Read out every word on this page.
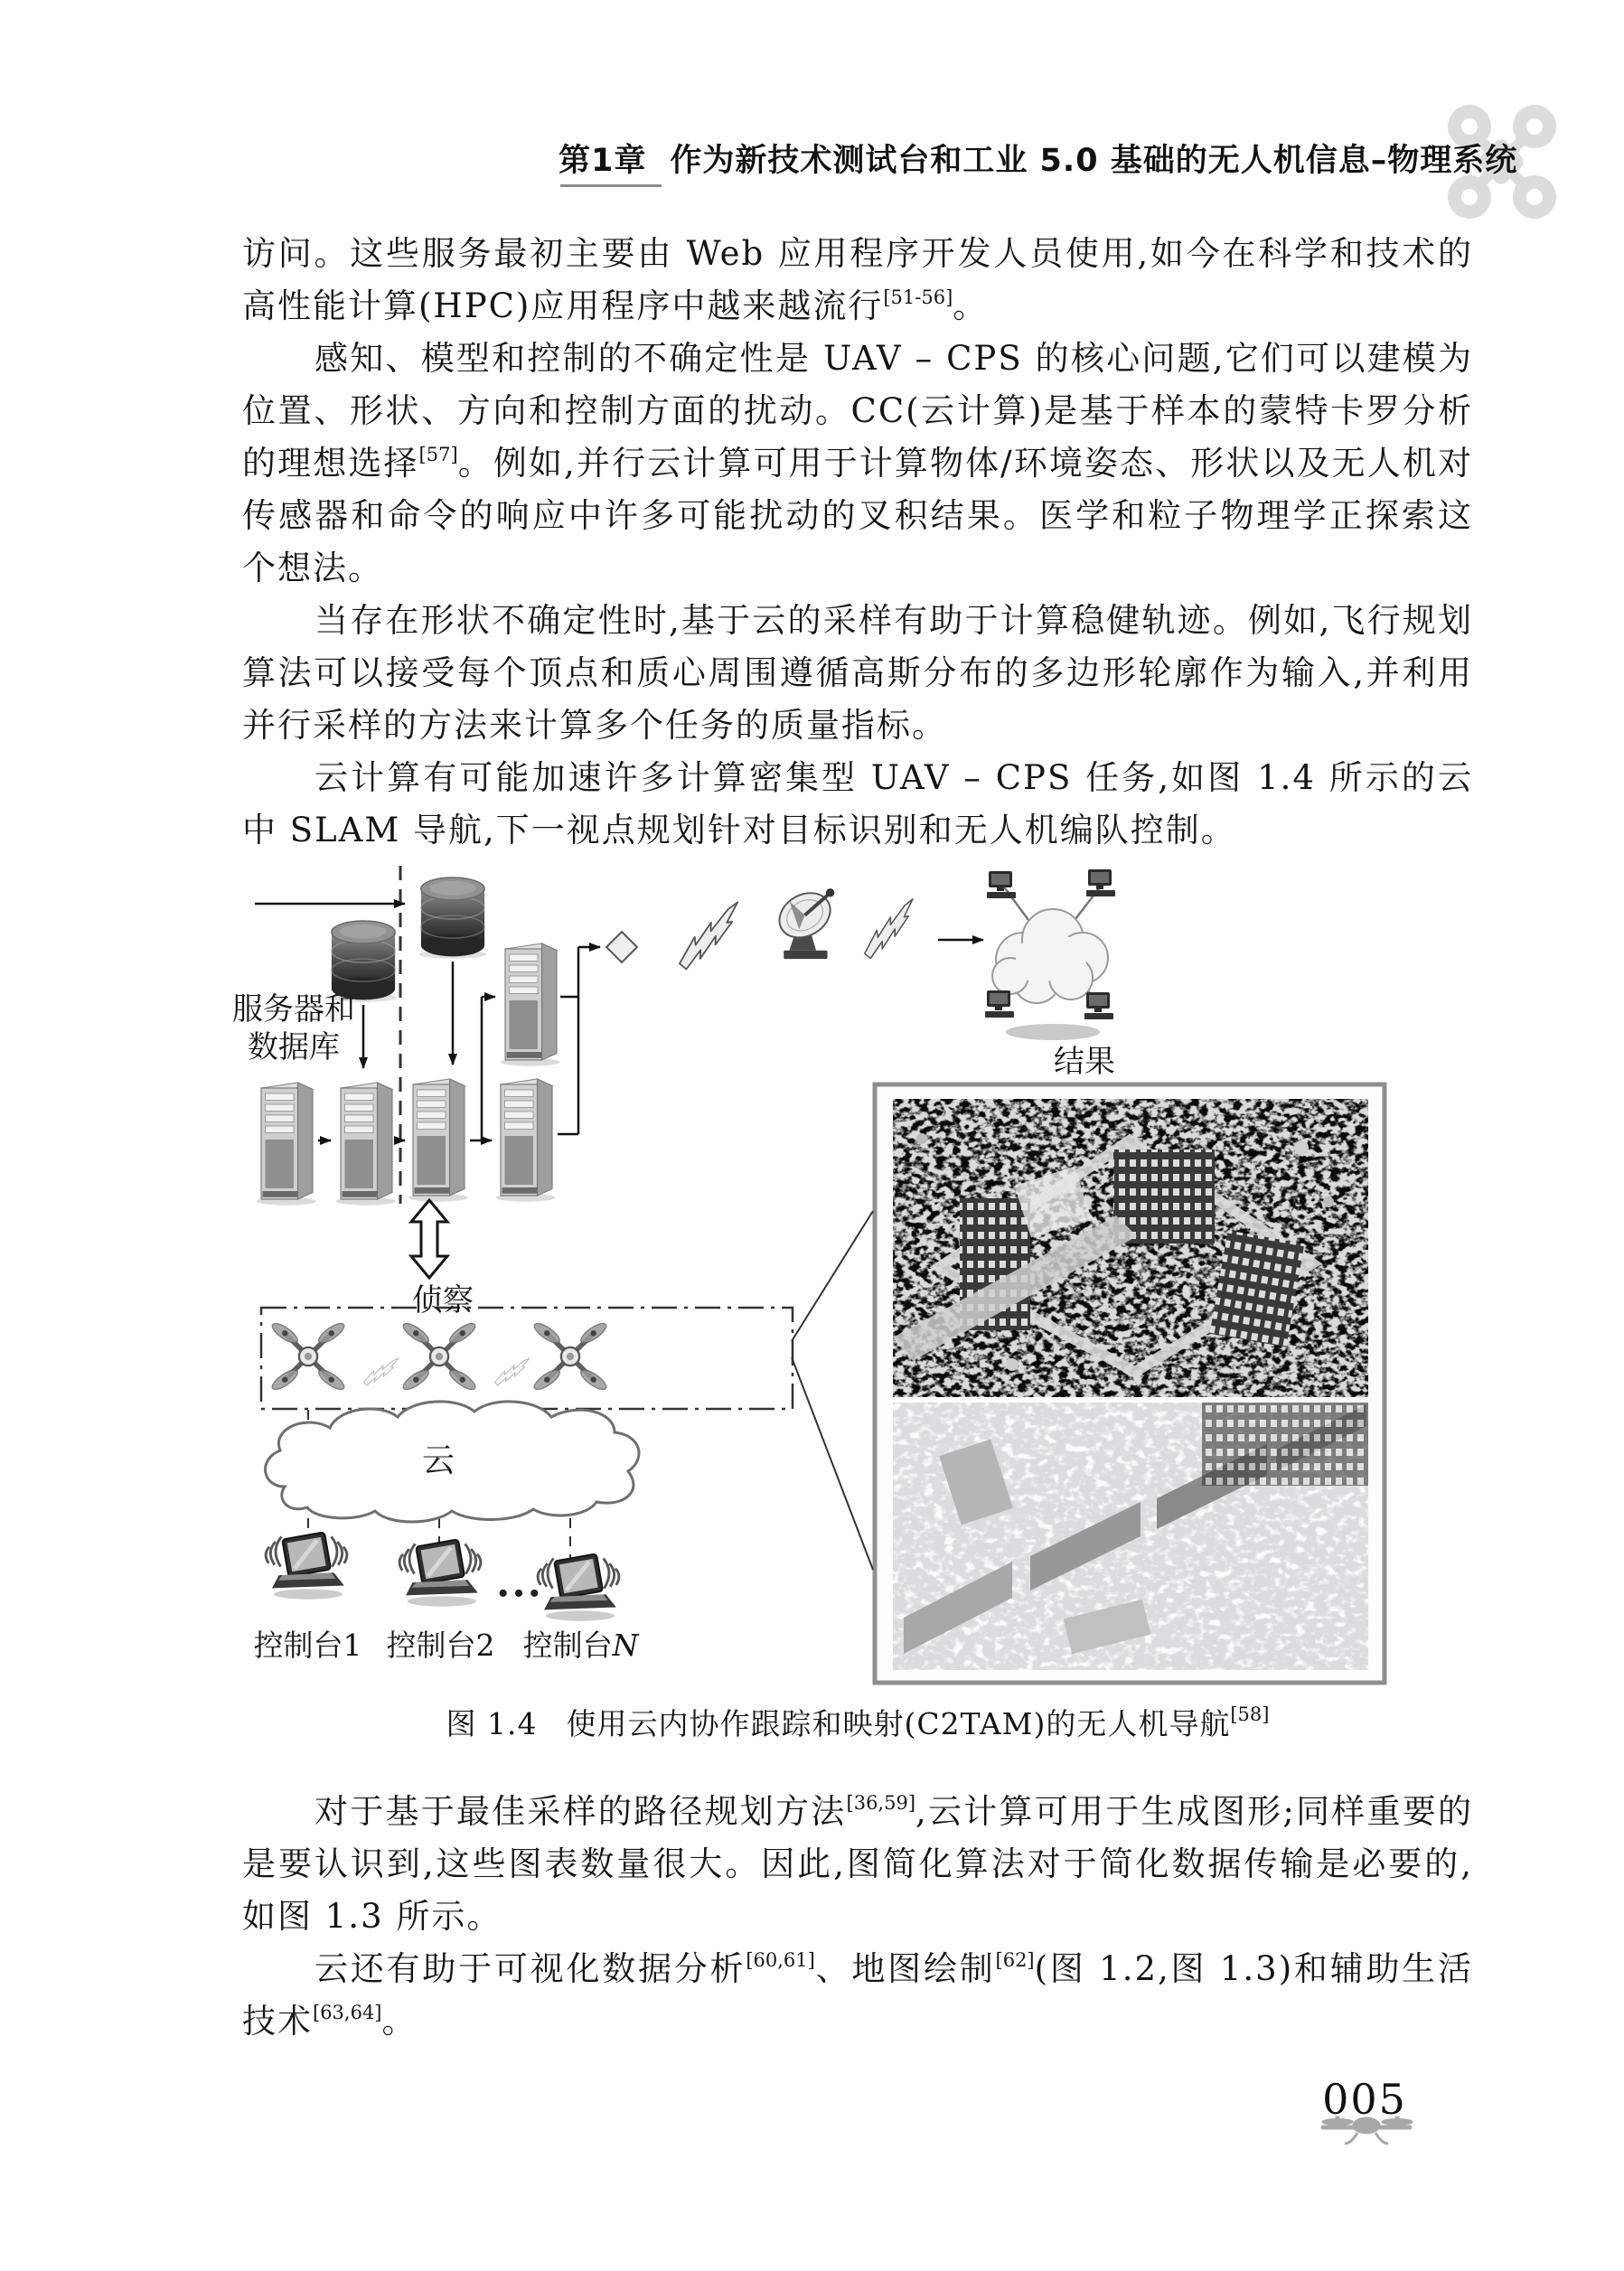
第1章 作为新技术测试台和工业 5.0 基础的无人机信息–物理系统

访问。这些服务最初主要由 Web 应用程序开发人员使用,如今在科学和技术的高性能计算(HPC)应用程序中越来越流行[51-56]。

感知、模型和控制的不确定性是 UAV – CPS 的核心问题,它们可以建模为位置、形状、方向和控制方面的扰动。CC(云计算)是基于样本的蒙特卡罗分析的理想选择[57]。例如,并行云计算可用于计算物体/环境姿态、形状以及无人机对传感器和命令的响应中许多可能扰动的叉积结果。医学和粒子物理学正探索这个想法。

当存在形状不确定性时,基于云的采样有助于计算稳健轨迹。例如,飞行规划算法可以接受每个顶点和质心周围遵循高斯分布的多边形轮廓作为输入,并利用并行采样的方法来计算多个任务的质量指标。

云计算有可能加速许多计算密集型 UAV – CPS 任务,如图 1.4 所示的云中 SLAM 导航,下一视点规划针对目标识别和无人机编队控制。

服务器和
数据库	结果
侦察
云
···
控制台1 控制台2 控制台N
图 1.4 使用云内协作跟踪和映射(C2TAM)的无人机导航[58]

对于基于最佳采样的路径规划方法[36,59],云计算可用于生成图形;同样重要的是要认识到,这些图表数量很大。因此,图简化算法对于简化数据传输是必要的,如图 1.3 所示。

云还有助于可视化数据分析[60,61]、地图绘制[62](图 1.2,图 1.3)和辅助生活技术[63,64]。

005
